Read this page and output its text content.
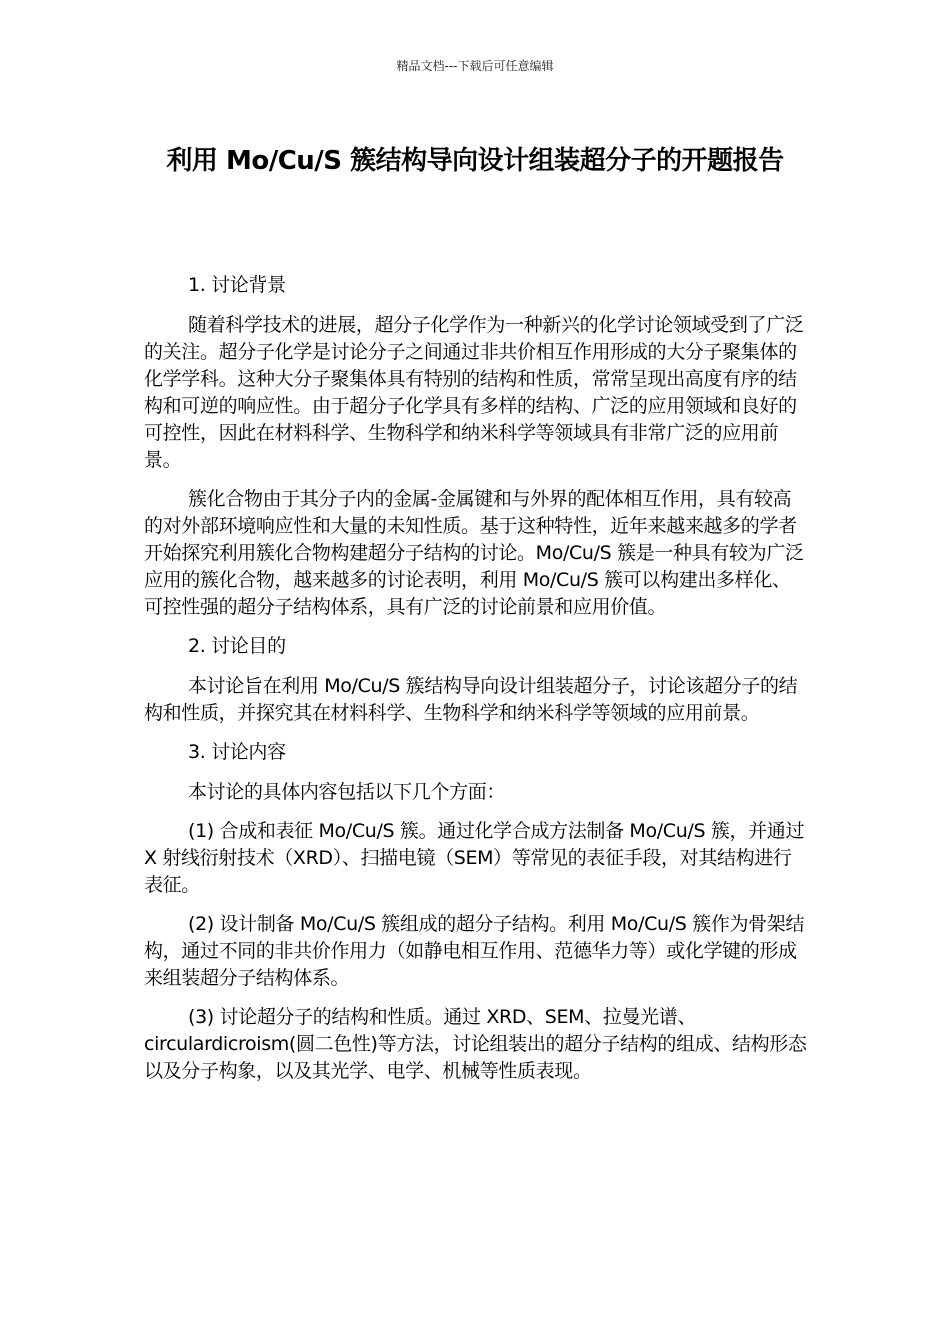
精品文档---下载后可任意编辑
利用 Mo/Cu/S 簇结构导向设计组装超分子的开题报告

1. 讨论背景

随着科学技术的进展，超分子化学作为一种新兴的化学讨论领域受到了广泛的关注。超分子化学是讨论分子之间通过非共价相互作用形成的大分子聚集体的化学学科。这种大分子聚集体具有特别的结构和性质，常常呈现出高度有序的结构和可逆的响应性。由于超分子化学具有多样的结构、广泛的应用领域和良好的可控性，因此在材料科学、生物科学和纳米科学等领域具有非常广泛的应用前景。

簇化合物由于其分子内的金属-金属键和与外界的配体相互作用，具有较高的对外部环境响应性和大量的未知性质。基于这种特性，近年来越来越多的学者开始探究利用簇化合物构建超分子结构的讨论。Mo/Cu/S 簇是一种具有较为广泛应用的簇化合物，越来越多的讨论表明，利用 Mo/Cu/S 簇可以构建出多样化、可控性强的超分子结构体系，具有广泛的讨论前景和应用价值。

2. 讨论目的

本讨论旨在利用 Mo/Cu/S 簇结构导向设计组装超分子，讨论该超分子的结构和性质，并探究其在材料科学、生物科学和纳米科学等领域的应用前景。

3. 讨论内容

本讨论的具体内容包括以下几个方面：

(1) 合成和表征 Mo/Cu/S 簇。通过化学合成方法制备 Mo/Cu/S 簇，并通过 X 射线衍射技术（XRD）、扫描电镜（SEM）等常见的表征手段，对其结构进行表征。

(2) 设计制备 Mo/Cu/S 簇组成的超分子结构。利用 Mo/Cu/S 簇作为骨架结构，通过不同的非共价作用力（如静电相互作用、范德华力等）或化学键的形成来组装超分子结构体系。

(3) 讨论超分子的结构和性质。通过 XRD、SEM、拉曼光谱、circulardicroism(圆二色性)等方法，讨论组装出的超分子结构的组成、结构形态以及分子构象，以及其光学、电学、机械等性质表现。
